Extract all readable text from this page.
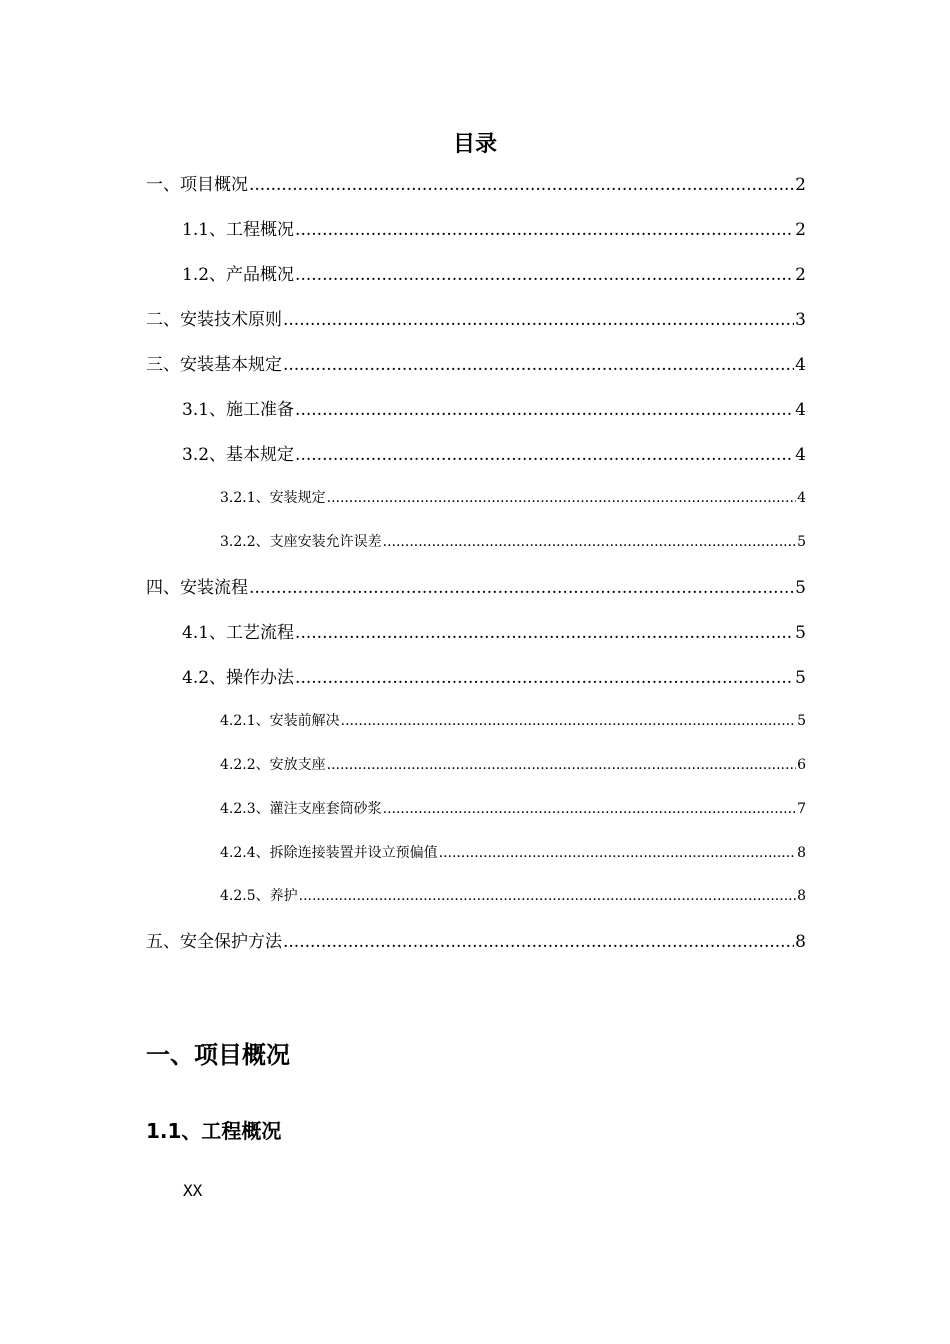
目录
一、项目概况 .....	2
1.1、工程概况 .....	2
1.2、产品概况 .....	2
二、安装技术原则 .....	3
三、安装基本规定 .....	4
3.1、施工准备 .....	4
3.2、基本规定 .....	4
3.2.1、安装规定 .....	4
3.2.2、支座安装允许误差 .....	5
四、安装流程 .....	5
4.1、工艺流程 .....	5
4.2、操作办法 .....	5
4.2.1、安装前解决 .....	5
4.2.2、安放支座 .....	6
4.2.3、灌注支座套筒砂浆 .....	7
4.2.4、拆除连接装置并设立预偏值 .....	8
4.2.5、养护 .....	8
五、安全保护方法 .....	8
一、项目概况
1.1、工程概况
XX
